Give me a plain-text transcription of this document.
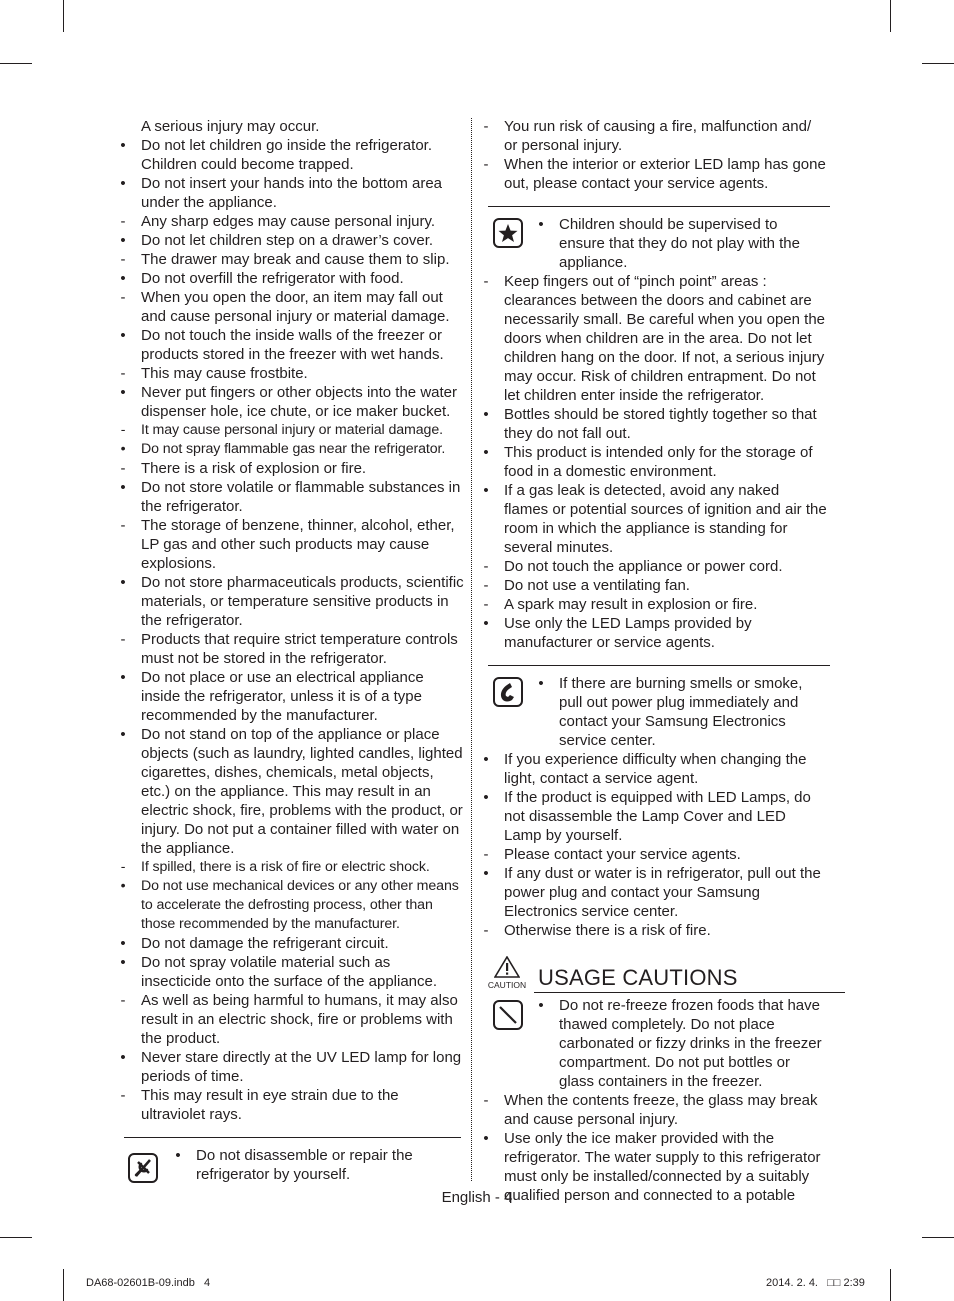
A serious injury may occur.
• Do not let children go inside the refrigerator. Children could become trapped.
• Do not insert your hands into the bottom area under the appliance.
-	Any sharp edges may cause personal injury.
• Do not let children step on a drawer’s cover.
-	The drawer may break and cause them to slip.
• Do not overfill the refrigerator with food.
-	When you open the door, an item may fall out and cause personal injury or material damage.
• Do not touch the inside walls of the freezer or products stored in the freezer with wet hands.
-	This may cause frostbite.
• Never put fingers or other objects into the water dispenser hole, ice chute, or ice maker bucket.
-	It may cause personal injury or material damage.
•	Do not spray flammable gas near the refrigerator.
-	There is a risk of explosion or fire.
• Do not store volatile or flammable substances in the refrigerator.
-	The storage of benzene, thinner, alcohol, ether, LP gas and other such products may cause explosions.
• Do not store pharmaceuticals products, scientific materials, or temperature sensitive products in the refrigerator.
-	Products that require strict temperature controls must not be stored in the refrigerator.
• Do not place or use an electrical appliance inside the refrigerator, unless it is of a type recommended by the manufacturer.
• Do not stand on top of the appliance or place objects (such as laundry, lighted candles, lighted cigarettes, dishes, chemicals, metal objects, etc.) on the appliance. This may result in an electric shock, fire, problems with the product, or injury. Do not put a container filled with water on the appliance.
-	If spilled, there is a risk of fire or electric shock.
•	Do not use mechanical devices or any other means to accelerate the defrosting process, other than those recommended by the manufacturer.
• Do not damage the refrigerant circuit.
• Do not spray volatile material such as insecticide onto the surface of the appliance.
-	As well as being harmful to humans, it may also result in an electric shock, fire or problems with the product.
• Never stare directly at the UV LED lamp for long periods of time.
-	This may result in eye strain due to the ultraviolet rays.
• Do not disassemble or repair the refrigerator by yourself.
-	You run risk of causing a fire, malfunction and/ or personal injury.
-	When the interior or exterior LED lamp has gone out, please contact your service agents.
• Children should be supervised to ensure that they do not play with the appliance.
-	Keep fingers out of “pinch point” areas : clearances between the doors and cabinet are necessarily small. Be careful when you open the doors when children are in the area. Do not let children hang on the door. If not, a serious injury may occur. Risk of children entrapment. Do not let children enter inside the refrigerator.
• Bottles should be stored tightly together so that they do not fall out.
• This product is intended only for the storage of food in a domestic environment.
• If a gas leak is detected, avoid any naked flames or potential sources of ignition and air the room in which the appliance is standing for several minutes.
-	Do not touch the appliance or power cord.
-	Do not use a ventilating fan.
-	A spark may result in explosion or fire.
• Use only the LED Lamps provided by manufacturer or service agents.
• If there are burning smells or smoke, pull out power plug immediately and contact your Samsung Electronics service center.
• If you experience difficulty when changing the light, contact a service agent.
• If the product is equipped with LED Lamps, do not disassemble the Lamp Cover and LED Lamp by yourself.
-	Please contact your service agents.
• If any dust or water is in refrigerator, pull out the power plug and contact your Samsung Electronics service center.
-	Otherwise there is a risk of fire.
CAUTION USAGE CAUTIONS
• Do not re-freeze frozen foods that have thawed completely. Do not place carbonated or fizzy drinks in the freezer compartment. Do not put bottles or glass containers in the freezer.
-	When the contents freeze, the glass may break and cause personal injury.
• Use only the ice maker provided with the refrigerator. The water supply to this refrigerator must only be installed/connected by a suitably qualified person and connected to a potable
English - 4
DA68-02601B-09.indb   4	2014. 2. 4.   □□ 2:39
